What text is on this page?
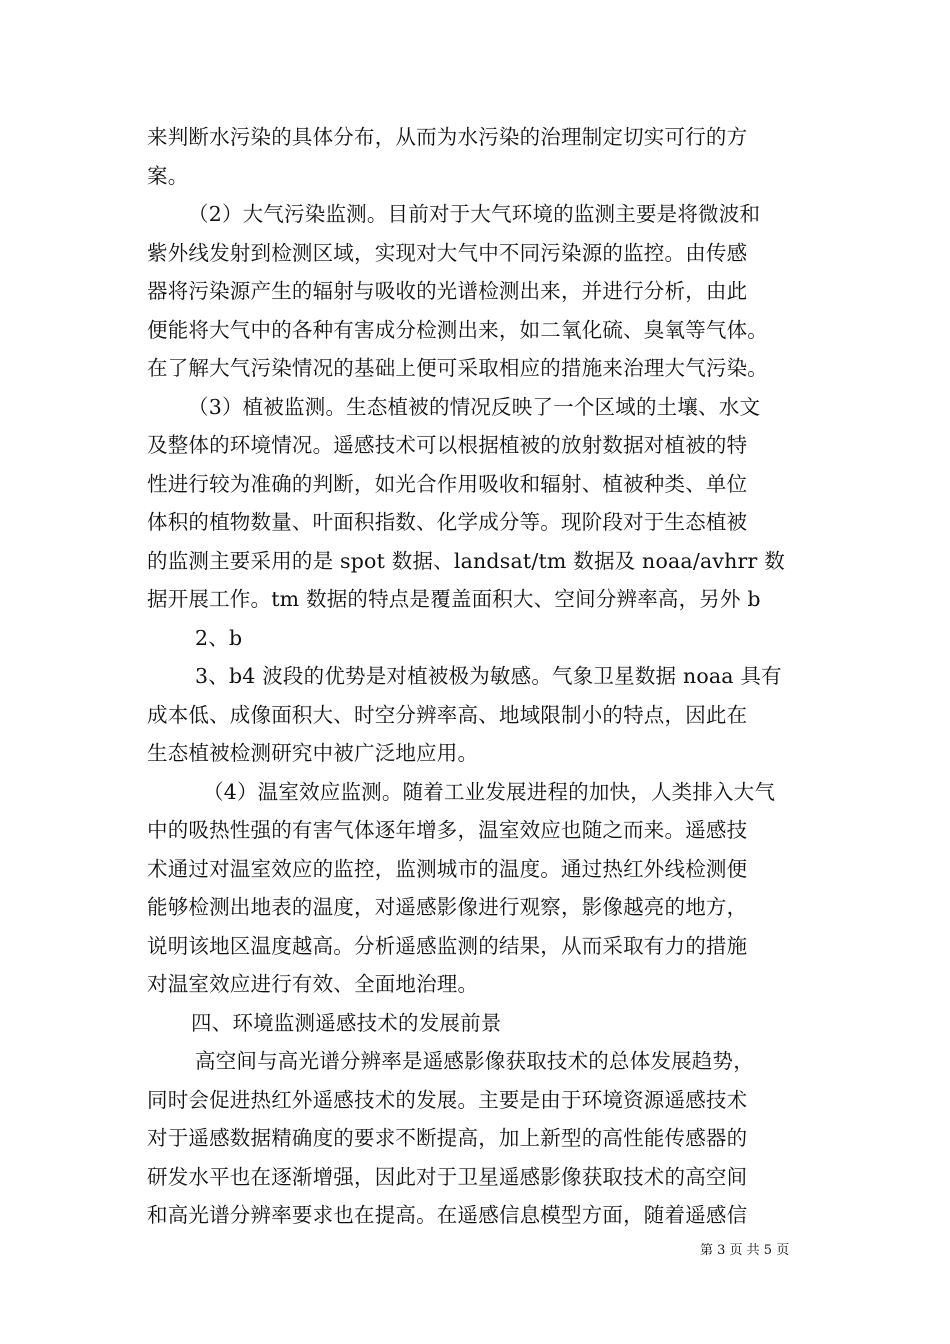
来判断水污染的具体分布，从而为水污染的治理制定切实可行的方
案。
（2）大气污染监测。目前对于大气环境的监测主要是将微波和
紫外线发射到检测区域，实现对大气中不同污染源的监控。由传感
器将污染源产生的辐射与吸收的光谱检测出来，并进行分析，由此
便能将大气中的各种有害成分检测出来，如二氧化硫、臭氧等气体。
在了解大气污染情况的基础上便可采取相应的措施来治理大气污染。
（3）植被监测。生态植被的情况反映了一个区域的土壤、水文
及整体的环境情况。遥感技术可以根据植被的放射数据对植被的特
性进行较为准确的判断，如光合作用吸收和辐射、植被种类、单位
体积的植物数量、叶面积指数、化学成分等。现阶段对于生态植被
的监测主要采用的是 spot 数据、landsat/tm 数据及 noaa/avhrr 数
据开展工作。tm 数据的特点是覆盖面积大、空间分辨率高，另外 b
2、b
3、b4 波段的优势是对植被极为敏感。气象卫星数据 noaa 具有
成本低、成像面积大、时空分辨率高、地域限制小的特点，因此在
生态植被检测研究中被广泛地应用。
（4）温室效应监测。随着工业发展进程的加快，人类排入大气
中的吸热性强的有害气体逐年增多，温室效应也随之而来。遥感技
术通过对温室效应的监控，监测城市的温度。通过热红外线检测便
能够检测出地表的温度，对遥感影像进行观察，影像越亮的地方，
说明该地区温度越高。分析遥感监测的结果，从而采取有力的措施
对温室效应进行有效、全面地治理。
四、环境监测遥感技术的发展前景
高空间与高光谱分辨率是遥感影像获取技术的总体发展趋势，
同时会促进热红外遥感技术的发展。主要是由于环境资源遥感技术
对于遥感数据精确度的要求不断提高，加上新型的高性能传感器的
研发水平也在逐渐增强，因此对于卫星遥感影像获取技术的高空间
和高光谱分辨率要求也在提高。在遥感信息模型方面，随着遥感信
第 3 页 共 5 页
